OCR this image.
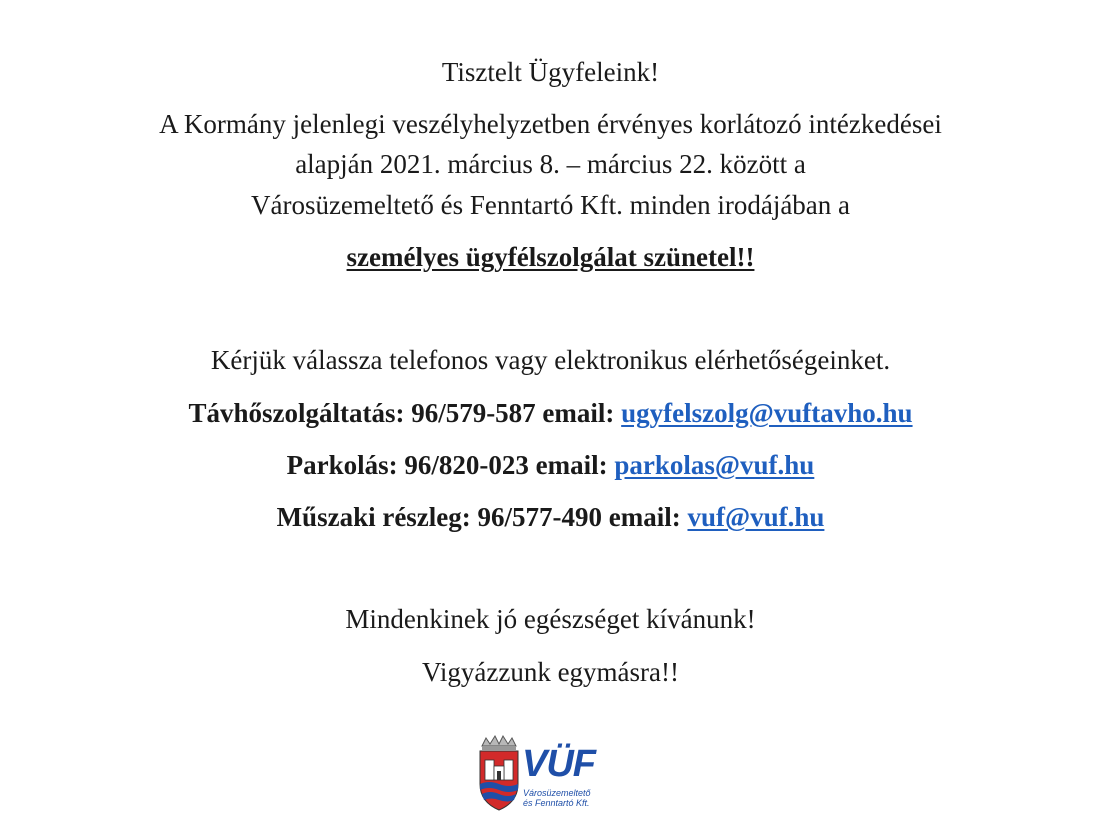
Tisztelt Ügyfeleink!
A Kormány jelenlegi veszélyhelyzetben érvényes korlátozó intézkedései
alapján 2021. március 8. – március 22. között a
Városüzemeltető és Fenntartó Kft. minden irodájában a
személyes ügyfélszolgálat szünetel!!
Kérjük válassza telefonos vagy elektronikus elérhetőségeinket.
Távhőszolgáltatás: 96/579-587 email: ugyfelszolg@vuftavho.hu
Parkolás: 96/820-023 email: parkolas@vuf.hu
Műszaki részleg: 96/577-490 email: vuf@vuf.hu
Mindenkinek jó egészséget kívánunk!
Vigyázzunk egymásra!!
VÜF
Városüzemeltető
és Fenntartó Kft.
